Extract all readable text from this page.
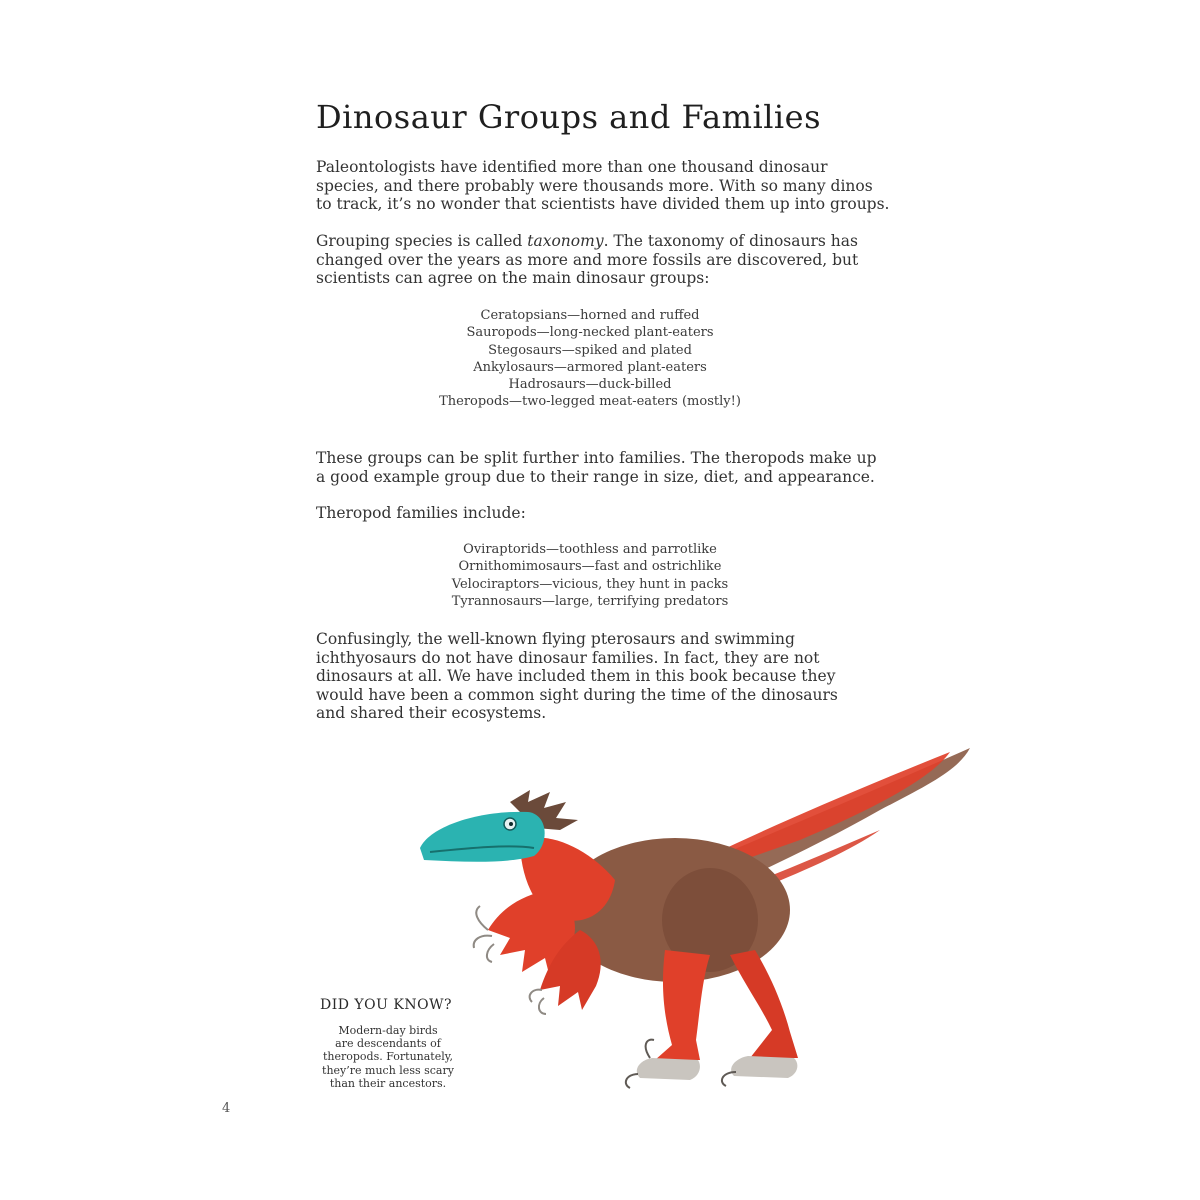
Dinosaur Groups and Families

Paleontologists have identified more than one thousand dinosaur
species, and there probably were thousands more. With so many dinos
to track, it’s no wonder that scientists have divided them up into groups.

Grouping species is called taxonomy. The taxonomy of dinosaurs has
changed over the years as more and more fossils are discovered, but
scientists can agree on the main dinosaur groups:

Ceratopsians—horned and ruffed
Sauropods—long-necked plant-eaters
Stegosaurs—spiked and plated
Ankylosaurs—armored plant-eaters
Hadrosaurs—duck-billed
Theropods—two-legged meat-eaters (mostly!)

These groups can be split further into families. The theropods make up
a good example group due to their range in size, diet, and appearance.

Theropod families include:

Oviraptorids—toothless and parrotlike
Ornithomimosaurs—fast and ostrichlike
Velociraptors—vicious, they hunt in packs
Tyrannosaurs—large, terrifying predators

Confusingly, the well-known flying pterosaurs and swimming
ichthyosaurs do not have dinosaur families. In fact, they are not
dinosaurs at all. We have included them in this book because they
would have been a common sight during the time of the dinosaurs
and shared their ecosystems.

DID YOU KNOW?
Modern-day birds
are descendants of
theropods. Fortunately,
they’re much less scary
than their ancestors.
4
